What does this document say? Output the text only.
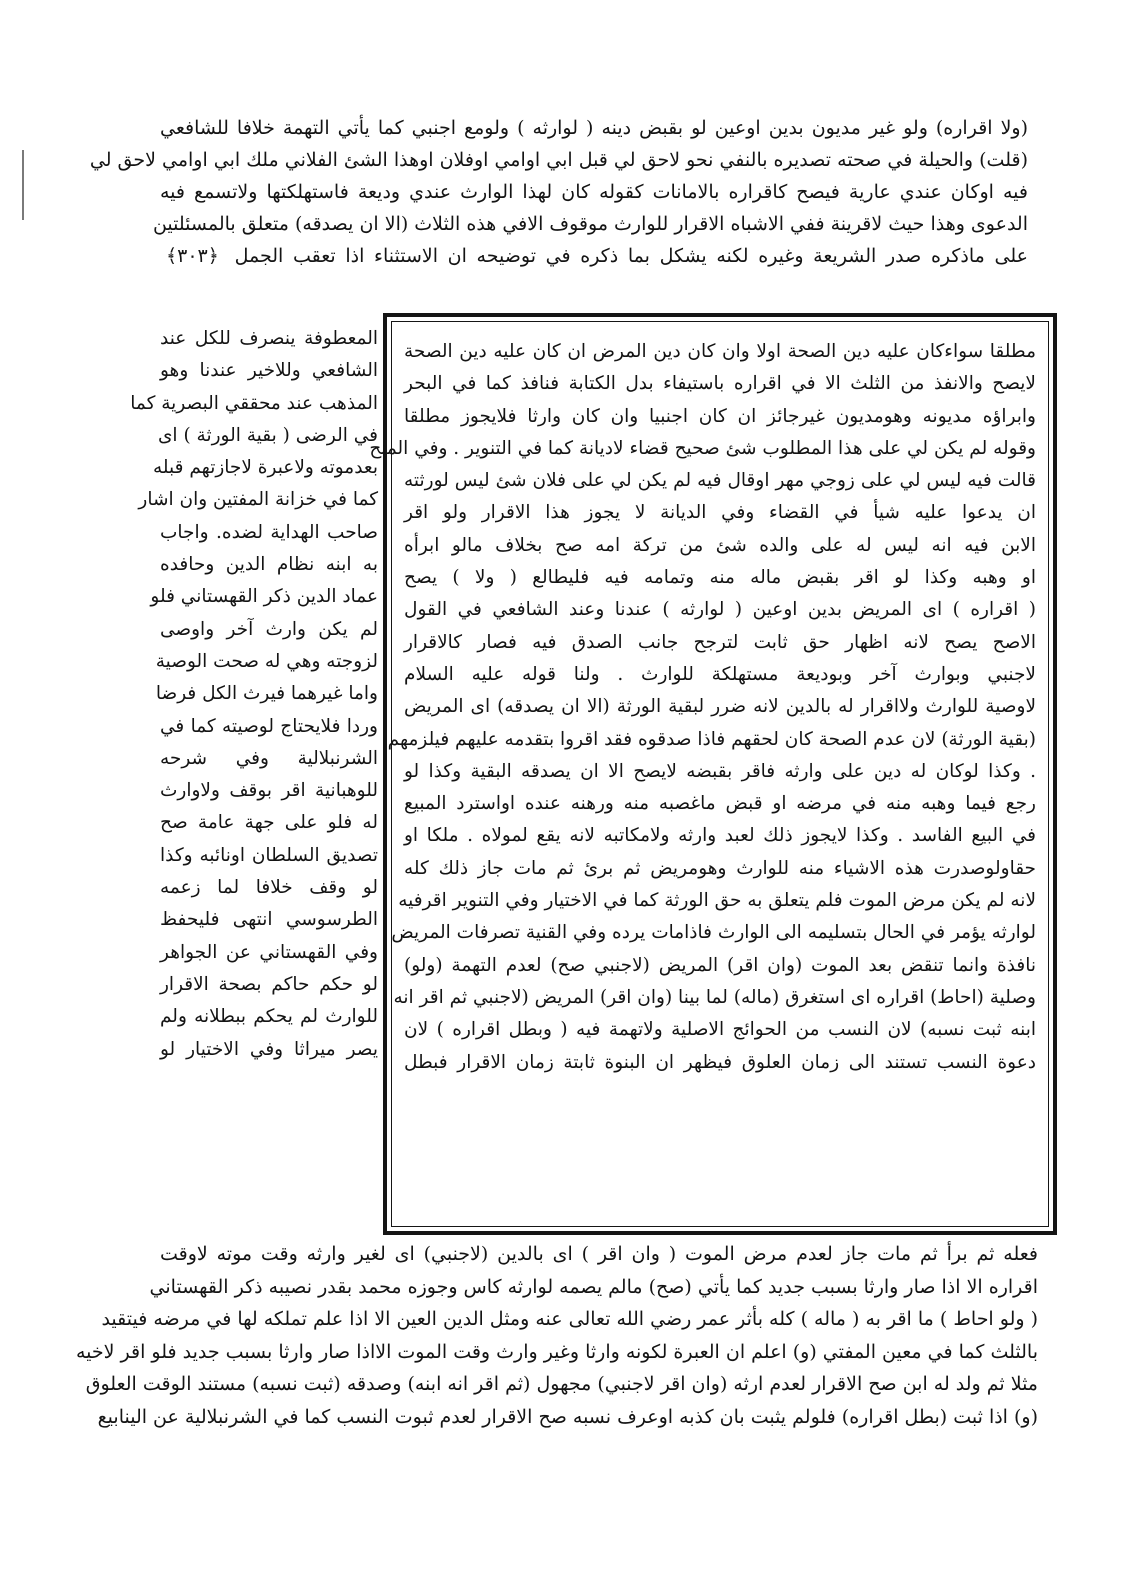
(ولا اقراره) ولو غير مديون بدين اوعين لو بقبض دينه ( لوارثه ) ولومع اجنبي كما يأتي التهمة خلافا للشافعي
(قلت) والحيلة في صحته تصديره بالنفي نحو لاحق لي قبل ابي اوامي اوفلان اوهذا الشئ الفلاني ملك ابي اوامي لاحق لي
فيه اوكان عندي عارية فيصح كاقراره بالامانات كقوله كان لهذا الوارث عندي وديعة فاستهلكتها ولاتسمع فيه
الدعوى وهذا حيث لاقرينة ففي الاشباه الاقرار للوارث موقوف الافي هذه الثلاث (الا ان يصدقه) متعلق بالمسئلتين
على ماذكره صدر الشريعة وغيره لكنه يشكل بما ذكره في توضيحه ان الاستثناء اذا تعقب الجمل ﴿٣٠٣﴾
مطلقا سواءكان عليه دين الصحة اولا وان كان دين المرض ان كان عليه دين الصحة
لايصح والانفذ من الثلث الا في اقراره باستيفاء بدل الكتابة فنافذ كما في البحر
وابراؤه مديونه وهومديون غيرجائز ان كان اجنبيا وان كان وارثا فلايجوز مطلقا
وقوله لم يكن لي على هذا المطلوب شئ صحيح قضاء لاديانة كما في التنوير . وفي المنح
قالت فيه ليس لي على زوجي مهر اوقال فيه لم يكن لي على فلان شئ ليس لورثته
ان يدعوا عليه شيأ في القضاء وفي الديانة لا يجوز هذا الاقرار ولو اقر
الابن فيه انه ليس له على والده شئ من تركة امه صح بخلاف مالو ابرأه
او وهبه وكذا لو اقر بقبض ماله منه وتمامه فيه فليطالع ( ولا ) يصح
( اقراره ) اى المريض بدين اوعين ( لوارثه ) عندنا وعند الشافعي في القول
الاصح يصح لانه اظهار حق ثابت لترجح جانب الصدق فيه فصار كالاقرار
لاجنبي وبوارث آخر وبوديعة مستهلكة للوارث . ولنا قوله عليه السلام
لاوصية للوارث ولااقرار له بالدين لانه ضرر لبقية الورثة (الا ان يصدقه) اى المريض
(بقية الورثة) لان عدم الصحة كان لحقهم فاذا صدقوه فقد اقروا بتقدمه عليهم فيلزمهم
. وكذا لوكان له دين على وارثه فاقر بقبضه لايصح الا ان يصدقه البقية وكذا لو
رجع فيما وهبه منه في مرضه او قبض ماغصبه منه ورهنه عنده اواسترد المبيع
في البيع الفاسد . وكذا لايجوز ذلك لعبد وارثه ولامكاتبه لانه يقع لمولاه . ملكا او
حقاولوصدرت هذه الاشياء منه للوارث وهومريض ثم برئ ثم مات جاز ذلك كله
لانه لم يكن مرض الموت فلم يتعلق به حق الورثة كما في الاختيار وفي التنوير اقرفيه
لوارثه يؤمر في الحال بتسليمه الى الوارث فاذامات يرده وفي القنية تصرفات المريض
نافذة وانما تنقض بعد الموت (وان اقر) المريض (لاجنبي صح) لعدم التهمة (ولو)
وصلية (احاط) اقراره اى استغرق (ماله) لما بينا (وان اقر) المريض (لاجنبي ثم اقر انه
ابنه ثبت نسبه) لان النسب من الحوائج الاصلية ولاتهمة فيه ( وبطل اقراره ) لان
دعوة النسب تستند الى زمان العلوق فيظهر ان البنوة ثابتة زمان الاقرار فبطل
المعطوفة ينصرف للكل عند
الشافعي وللاخير عندنا وهو
المذهب عند محققي البصرية كما
في الرضى ( بقية الورثة ) اى
بعدموته ولاعبرة لاجازتهم قبله
كما في خزانة المفتين وان اشار
صاحب الهداية لضده. واجاب
به ابنه نظام الدين وحافده
عماد الدين ذكر القهستاني فلو
لم يكن وارث آخر واوصى
لزوجته وهي له صحت الوصية
واما غيرهما فيرث الكل فرضا
وردا فلايحتاج لوصيته كما في
الشرنبلالية وفي شرحه
للوهبانية اقر بوقف ولاوارث
له فلو على جهة عامة صح
تصديق السلطان اونائبه وكذا
لو وقف خلافا لما زعمه
الطرسوسي انتهى فليحفظ
وفي القهستاني عن الجواهر
لو حكم حاكم بصحة الاقرار
للوارث لم يحكم ببطلانه ولم
يصر ميراثا وفي الاختيار لو
فعله ثم برأ ثم مات جاز لعدم مرض الموت ( وان اقر ) اى بالدين (لاجنبي) اى لغير وارثه وقت موته لاوقت
اقراره الا اذا صار وارثا بسبب جديد كما يأتي (صح) مالم يصمه لوارثه كاس وجوزه محمد بقدر نصيبه ذكر القهستاني
( ولو احاط ) ما اقر به ( ماله ) كله بأثر عمر رضي الله تعالى عنه ومثل الدين العين الا اذا علم تملكه لها في مرضه فيتقيد
بالثلث كما في معين المفتي (و) اعلم ان العبرة لكونه وارثا وغير وارث وقت الموت الااذا صار وارثا بسبب جديد فلو اقر لاخيه
مثلا ثم ولد له ابن صح الاقرار لعدم ارثه (وان اقر لاجنبي) مجهول (ثم اقر انه ابنه) وصدقه (ثبت نسبه) مستند الوقت العلوق
(و) اذا ثبت (بطل اقراره) فلولم يثبت بان كذبه اوعرف نسبه صح الاقرار لعدم ثبوت النسب كما في الشرنبلالية عن الينابيع
